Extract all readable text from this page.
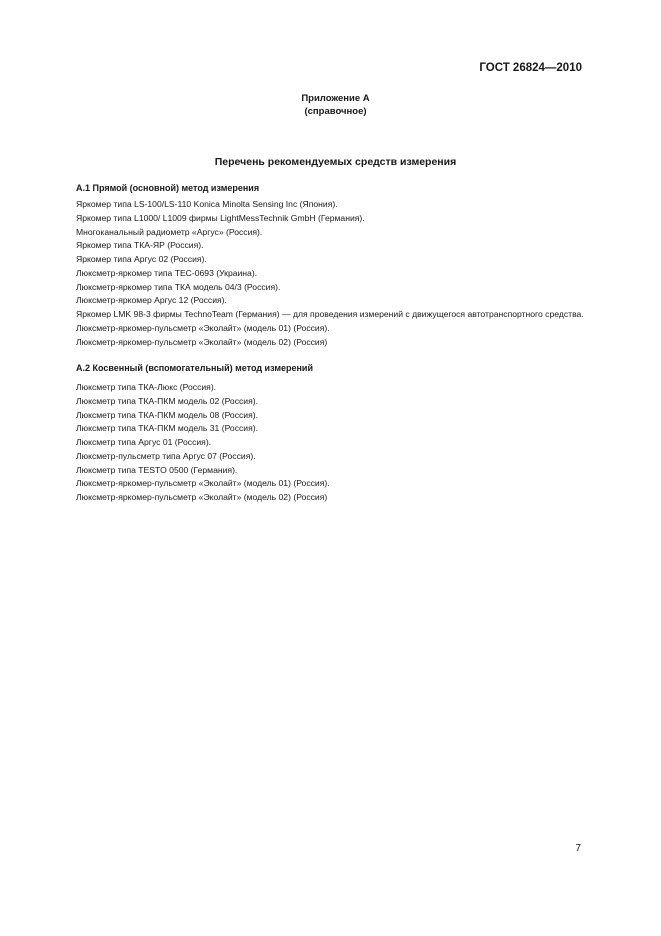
ГОСТ 26824—2010
Приложение А
(справочное)
Перечень рекомендуемых средств измерения
А.1 Прямой (основной) метод измерения
Яркомер типа LS-100/LS-110 Konica Minolta Sensing Inc (Япония).
Яркомер типа L1000/ L1009 фирмы LightMessTechnik GmbH (Германия).
Многоканальный радиометр «Аргус» (Россия).
Яркомер типа ТКА-ЯР (Россия).
Яркомер типа Аргус 02 (Россия).
Люксметр-яркомер типа ТЕС-0693 (Украина).
Люксметр-яркомер типа ТКА модель 04/3 (Россия).
Люксметр-яркомер Аргус 12 (Россия).
Яркомер LMK 98-3 фирмы TechnoTeam (Германия) — для проведения измерений с движущегося автотранспортного средства.
Люксметр-яркомер-пульсметр «Эколайт» (модель 01) (Россия).
Люксметр-яркомер-пульсметр «Эколайт» (модель 02) (Россия)
А.2 Косвенный (вспомогательный) метод измерений
Люксметр типа ТКА-Люкс (Россия).
Люксметр типа ТКА-ПКМ модель 02 (Россия).
Люксметр типа ТКА-ПКМ модель 08 (Россия).
Люксметр типа ТКА-ПКМ модель 31 (Россия).
Люксметр типа Аргус 01 (Россия).
Люксметр-пульсметр типа Аргус 07 (Россия).
Люксметр типа TESTO 0500 (Германия).
Люксметр-яркомер-пульсметр «Эколайт» (модель 01) (Россия).
Люксметр-яркомер-пульсметр «Эколайт» (модель 02) (Россия)
7
